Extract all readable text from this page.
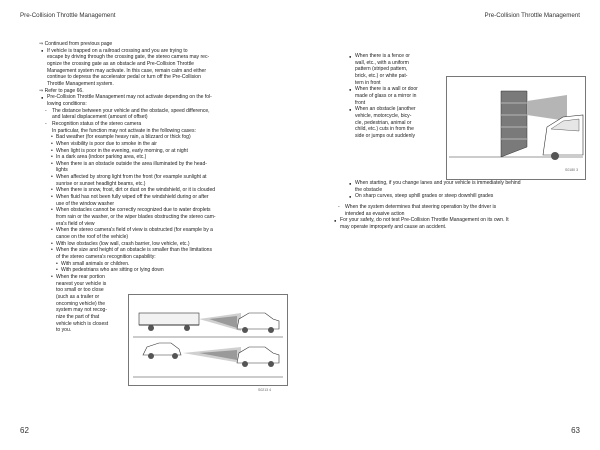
Pre-Collision Throttle Management	Pre-Collision Throttle Management

⇒ Continued from previous page

● If vehicle is trapped on a railroad crossing and you are trying to
escape by driving through the crossing gate, the stereo camera may rec-
ognize the crossing gate as an obstacle and Pre-Collision Throttle
Management system may activate. In this case, remain calm and either
continue to depress the accelerator pedal or turn off the Pre-Collision
Throttle Management system.

⇒ Refer to page 66.

● Pre-Collision Throttle Management may not activate depending on the fol-
lowing conditions:
- The distance between your vehicle and the obstacle, speed difference,
and lateral displacement (amount of offset)
- Recognition status of the stereo camera
In particular, the function may not activate in the following cases:
• Bad weather (for example heavy rain, a blizzard or thick fog)
• When visibility is poor due to smoke in the air
• When light is poor in the evening, early morning, or at night
• In a dark area (indoor parking area, etc.)
• When there is an obstacle outside the area illuminated by the head-
lights
• When affected by strong light from the front (for example sunlight at
sunrise or sunset headlight beams, etc.)
• When there is snow, frost, dirt or dust on the windshield, or it is clouded
• When fluid has not been fully wiped off the windshield during or after
use of the window washer
• When obstacles cannot be correctly recognized due to water droplets
from rain or the washer, or the wiper blades obstructing the stereo cam-
era's field of view
• When the stereo camera's field of view is obstructed (for example by a
canoe on the roof of the vehicle)
• With low obstacles (low wall, crash barrier, low vehicle, etc.)
• When the size and height of an obstacle is smaller than the limitations
of the stereo camera's recognition capability:
• With small animals or children.
• With pedestrians who are sitting or lying down
• When the rear portion
nearest your vehicle is
too small or too close
(such as a trailer or
oncoming vehicle) the
system may not recog-
nize the part of that
vehicle which is closest
to you.
S0213 4
● When there is a fence or
wall, etc., with a uniform
pattern (striped pattern,
brick, etc.) or white pat-
tern in front
● When there is a wall or door
made of glass or a mirror in
front
● When an obstacle (another
vehicle, motorcycle, bicy-
cle, pedestrian, animal or
child, etc.) cuts in from the
side or jumps out suddenly
S0180 3
● When starting, if you change lanes and your vehicle is immediately behind
the obstacle
● On sharp curves, steep uphill grades or steep downhill grades
- When the system determines that steering operation by the driver is
intended as evasive action
● For your safety, do not test Pre-Collision Throttle Management on its own. It
may operate improperly and cause an accident.
62	63
